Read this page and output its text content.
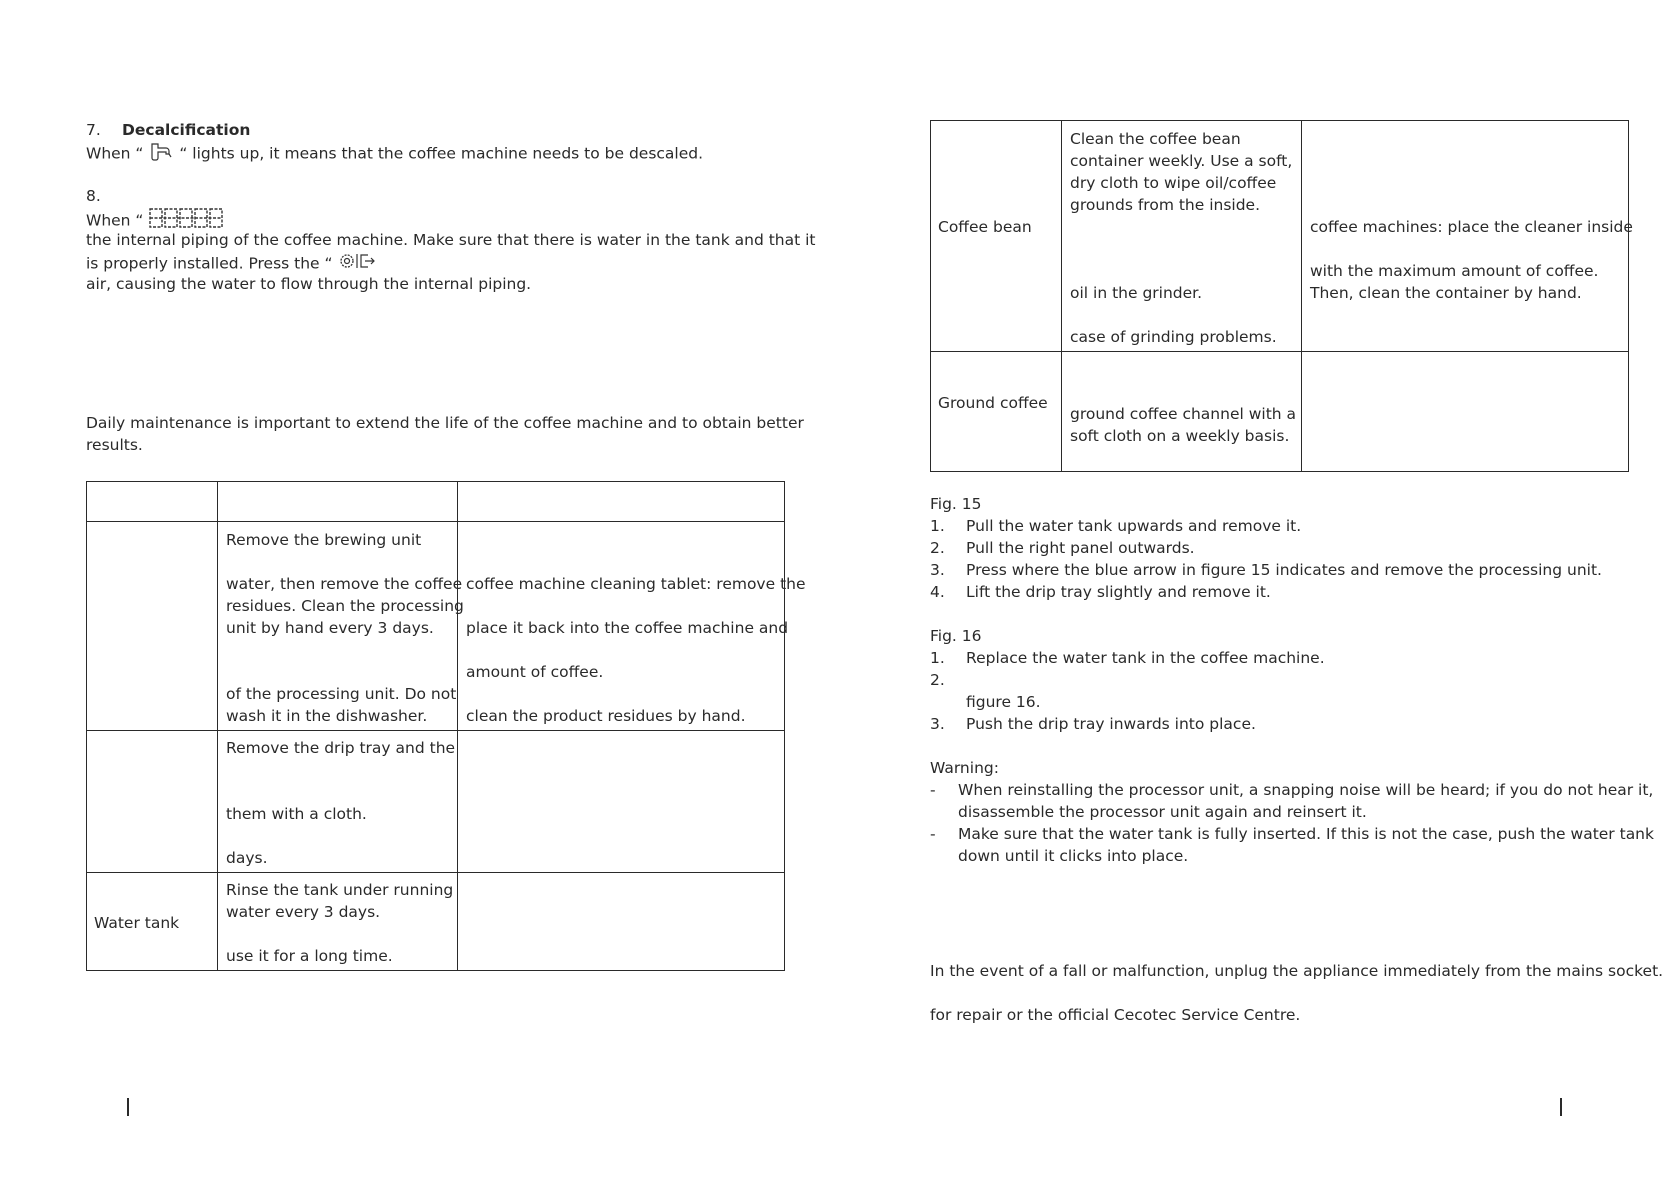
7. Decalcification
When “ “ lights up, it means that the coffee machine needs to be descaled.
8.
When “
the internal piping of the coffee machine. Make sure that there is water in the tank and that it
is properly installed. Press the “
air, causing the water to flow through the internal piping.
Daily maintenance is important to extend the life of the coffee machine and to obtain better
results.
Remove the brewing unit
water, then remove the coffee
residues. Clean the processing
unit by hand every 3 days.
of the processing unit. Do not
wash it in the dishwasher.
coffee machine cleaning tablet: remove the
place it back into the coffee machine and
amount of coffee.
clean the product residues by hand.
Remove the drip tray and the
them with a cloth.
days.
Water tank
Rinse the tank under running
water every 3 days.
use it for a long time.
Coffee bean
Clean the coffee bean
container weekly. Use a soft,
dry cloth to wipe oil/coffee
grounds from the inside.
oil in the grinder.
case of grinding problems.
coffee machines: place the cleaner inside
with the maximum amount of coffee.
Then, clean the container by hand.
Ground coffee
ground coffee channel with a
soft cloth on a weekly basis.
Fig. 15
1. Pull the water tank upwards and remove it.
2. Pull the right panel outwards.
3. Press where the blue arrow in figure 15 indicates and remove the processing unit.
4. Lift the drip tray slightly and remove it.
Fig. 16
1. Replace the water tank in the coffee machine.
2.
figure 16.
3. Push the drip tray inwards into place.
Warning:
- When reinstalling the processor unit, a snapping noise will be heard; if you do not hear it,
disassemble the processor unit again and reinsert it.
- Make sure that the water tank is fully inserted. If this is not the case, push the water tank
down until it clicks into place.
In the event of a fall or malfunction, unplug the appliance immediately from the mains socket.
for repair or the official Cecotec Service Centre.
